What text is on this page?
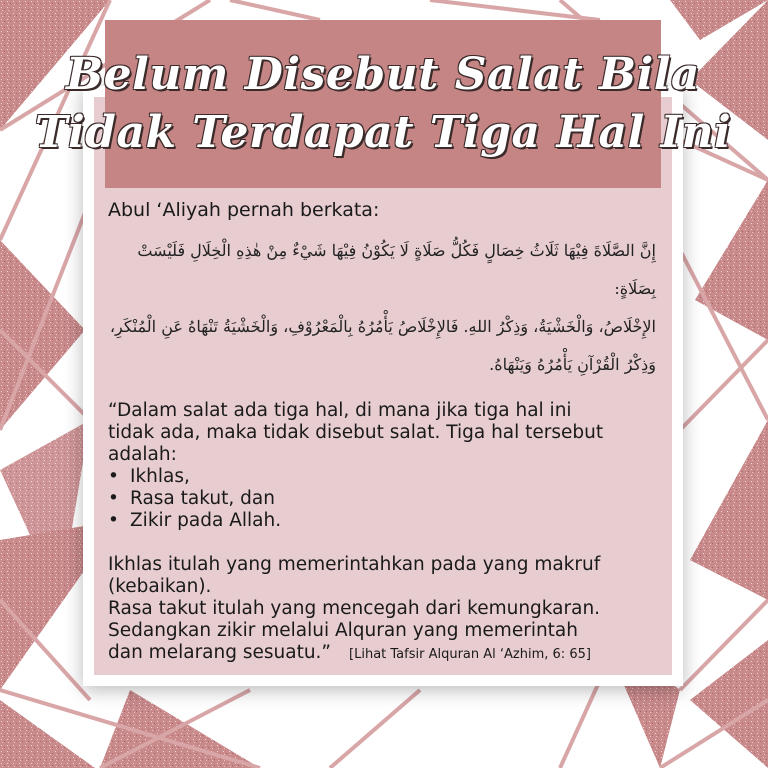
Belum Disebut Salat Bila
Tidak Terdapat Tiga Hal Ini
Abul ‘Aliyah pernah berkata:
إِنَّ الصَّلَاةَ فِيْهَا ثَلَاثُ خِصَالٍ فَكُلُّ صَلَاةٍ لَا يَكُوْنُ فِيْهَا شَيْءٌ مِنْ هٰذِهِ الْخِلَالِ فَلَيْسَتْ بِصَلَاةٍ:
الإِخْلَاصُ، وَالْخَشْيَةُ، وَذِكْرُ اللهِ. فَالإِخْلَاصُ يَأْمُرُهُ بِالْمَعْرُوْفِ، وَالْخَشْيَةُ تَنْهَاهُ عَنِ الْمُنْكَرِ،
وَذِكْرُ الْقُرْآنِ يَأْمُرُهُ وَيَنْهَاهُ.
“Dalam salat ada tiga hal, di mana jika tiga hal ini
tidak ada, maka tidak disebut salat. Tiga hal tersebut
adalah:
• Ikhlas,
• Rasa takut, dan
• Zikir pada Allah.
Ikhlas itulah yang memerintahkan pada yang makruf
(kebaikan).
Rasa takut itulah yang mencegah dari kemungkaran.
Sedangkan zikir melalui Alquran yang memerintah
dan melarang sesuatu.” [Lihat Tafsir Alquran Al ‘Azhim, 6: 65]
